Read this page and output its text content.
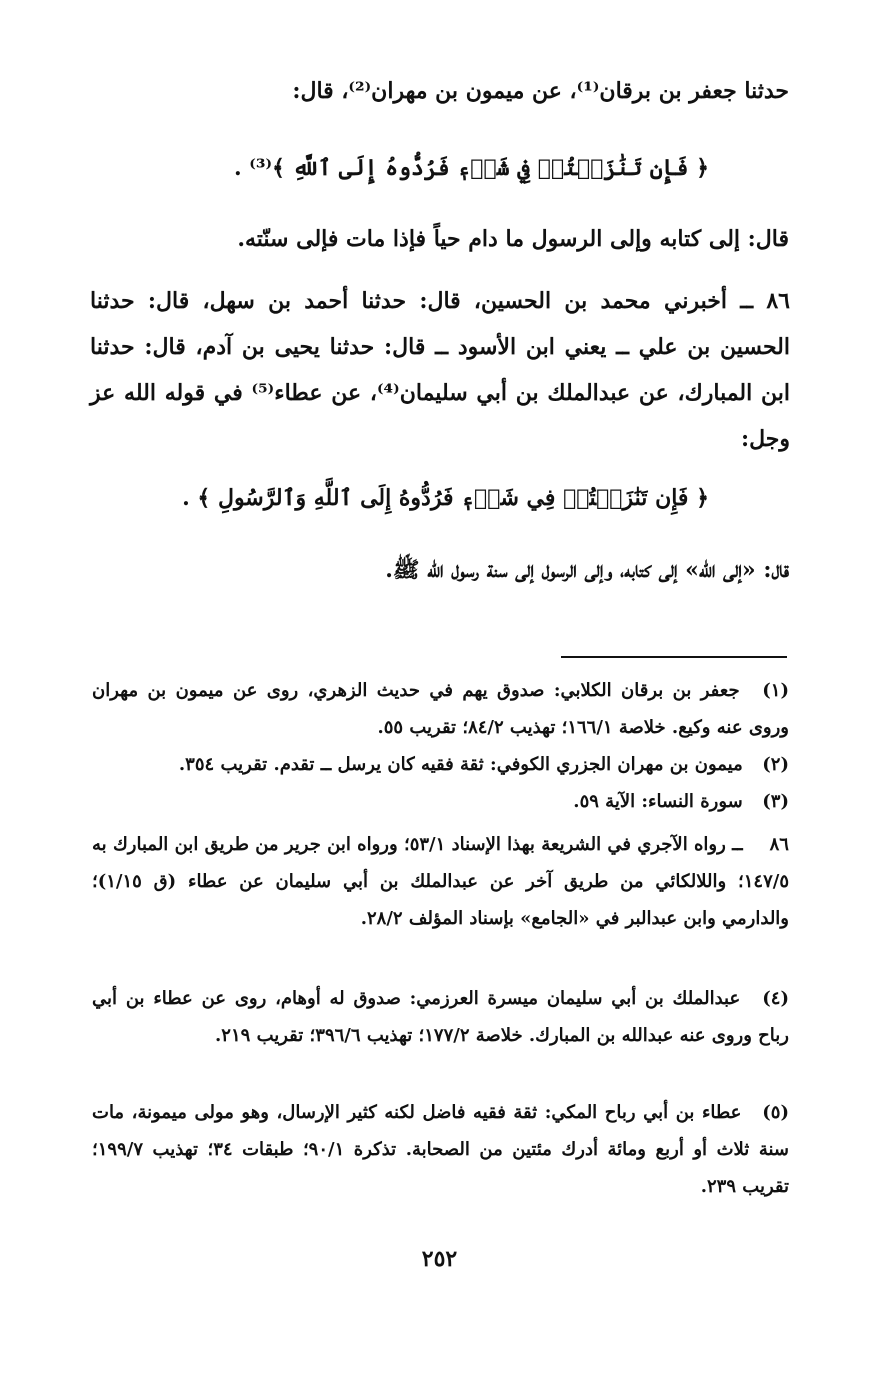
حدثنا جعفر بن برقان⁽¹⁾، عن ميمون بن مهران⁽²⁾، قال:
﴿ فَإِن تَنَٰزَعۡتُمۡ فِي شَيۡءٖ فَرُدُّوهُ إِلَى ٱللَّهِ ﴾⁽³⁾ .
قال: إلى كتابه وإلى الرسول ما دام حياً فإذا مات فإلى سنّته.
٨٦ ــ أخبرني محمد بن الحسين، قال: حدثنا أحمد بن سهل، قال: حدثنا الحسين بن علي ــ يعني ابن الأسود ــ قال: حدثنا يحيى بن آدم، قال: حدثنا ابن المبارك، عن عبدالملك بن أبي سليمان⁽⁴⁾، عن عطاء⁽⁵⁾ في قوله الله عز وجل:
﴿ فَإِن تَنَٰزَعۡتُمۡ فِي شَيۡءٖ فَرُدُّوهُ إِلَى ٱللَّهِ وَٱلرَّسُولِ ﴾ .
قال: «إلى الله» إلى كتابه، وإلى الرسول إلى سنة رسول الله ﷺ.
(١) جعفر بن برقان الكلابي: صدوق يهم في حديث الزهري، روى عن ميمون بن مهران وروى عنه وكيع. خلاصة ١٦٦/١؛ تهذيب ٨٤/٢؛ تقريب ٥٥.
(٢) ميمون بن مهران الجزري الكوفي: ثقة فقيه كان يرسل ــ تقدم. تقريب ٣٥٤.
(٣) سورة النساء: الآية ٥٩.
٨٦ ــ رواه الآجري في الشريعة بهذا الإسناد ٥٣/١؛ ورواه ابن جرير من طريق ابن المبارك به ١٤٧/٥؛ واللالكائي من طريق آخر عن عبدالملك بن أبي سليمان عن عطاء (ق ١/١٥)؛ والدارمي وابن عبدالبر في «الجامع» بإسناد المؤلف ٢٨/٢.
(٤) عبدالملك بن أبي سليمان ميسرة العرزمي: صدوق له أوهام، روى عن عطاء بن أبي رباح وروى عنه عبدالله بن المبارك. خلاصة ١٧٧/٢؛ تهذيب ٣٩٦/٦؛ تقريب ٢١٩.
(٥) عطاء بن أبي رباح المكي: ثقة فقيه فاضل لكنه كثير الإرسال، وهو مولى ميمونة، مات سنة ثلاث أو أربع ومائة أدرك مئتين من الصحابة. تذكرة ٩٠/١؛ طبقات ٣٤؛ تهذيب ١٩٩/٧؛ تقريب ٢٣٩.
٢٥٢
